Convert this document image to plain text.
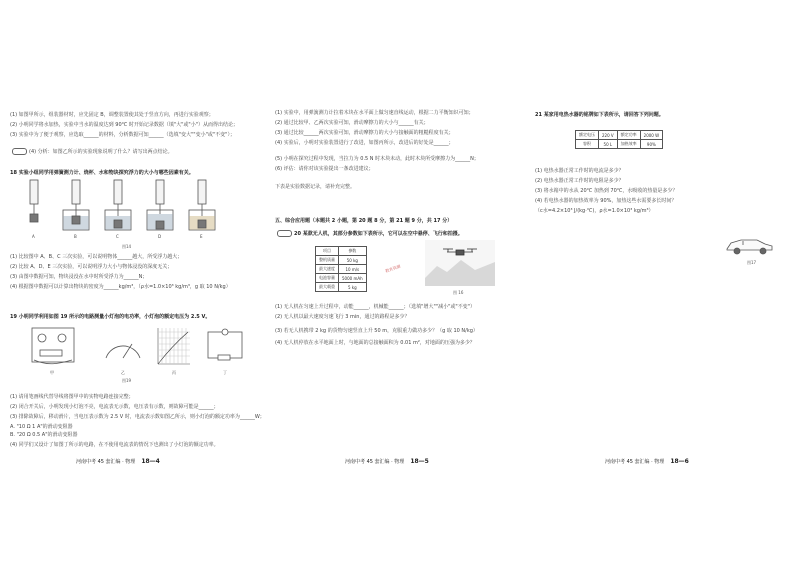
(1) 如图甲所示，组装器材时，应先固定 B，调整装置使其处于竖直方向，再进行实验观察；
(2) 小明同学将水加热，实验中当水的温度达到 90℃ 时开始记录数据（填"大"或"小"）从而得出结论；
(3) 实验中为了便于观察，应选取______的材料，分析数据可知______（选填"变大""变小"或"不变"）；
(4) 分析：如图乙所示的实验现象说明了什么？请写出两点结论。
18 实验小组同学用弹簧测力计、烧杯、水和物块探究浮力的大小与哪些因素有关。
A	B	C	D	E
图14
(1) 比较图中 A、B、C 三次实验，可以说明物体______越大，所受浮力越大；
(2) 比较 A、D、E 三次实验，可以说明浮力大小与物体浸没的深度无关；
(3) 由图中数据可知，物块浸没在水中时所受浮力为______N；
(4) 根据图中数据可以计算出物块的密度为______kg/m³，（ρ水=1.0×10³ kg/m³，g 取 10 N/kg）
19 小明同学利用如图 19 所示的电路测量小灯泡的电功率，小灯泡的额定电压为 2.5 V。
甲	乙	丙	丁
图19
(1) 请用笔画线代替导线将图甲中的实物电路连接完整；
(2) 闭合开关后，小明发现小灯泡不亮，电流表无示数，电压表有示数，则故障可能是______；
(3) 排除故障后，移动滑片，当电压表示数为 2.5 V 时，电流表示数如图乙所示，则小灯泡的额定功率为______W；
A. "10 Ω 1 A"的滑动变阻器
B. "20 Ω 0.5 A"的滑动变阻器
(4) 同学们又设计了如图丁所示的电路，在不使用电流表的情况下也测出了小灯泡的额定功率。
河南中考 45 套汇编 · 物理 18—4
(1) 实验中，用弹簧测力计拉着木块在水平面上做匀速直线运动，根据二力平衡知识可知；
(2) 通过比较甲、乙两次实验可知，滑动摩擦力的大小与______有关；
(3) 通过比较______两次实验可知，滑动摩擦力的大小与接触面的粗糙程度有关；
(4) 实验后，小明对实验装置进行了改进，如图丙所示，改进后的好处是______；
(5) 小明在探究过程中发现，当拉力为 0.5 N 时木块未动，此时木块所受摩擦力为______N；
(6) 评估：请你对该实验提出一条改进建议；
下表是实验数据记录，请补充完整。
五、综合应用题（本题共 2 小题，第 20 题 8 分，第 21 题 9 分，共 17 分）
20 某款无人机，其部分参数如下表所示，它可以在空中悬停、飞行和拍摄。
项目	参数
整机质量	50 kg
最大速度	10 m/s
电池容量	5000 mAh
最大载重	5 kg
教育资源
图 16
(1) 无人机在匀速上升过程中，动能______，机械能______；（选填"增大""减小"或"不变"）
(2) 无人机以最大速度匀速飞行 3 min，通过的路程是多少？
(3) 若无人机携带 2 kg 的货物匀速竖直上升 50 m，克服重力做功多少？（g 取 10 N/kg）
(4) 无人机停放在水平地面上时，与地面的总接触面积为 0.01 m²，对地面的压强为多少？
河南中考 45 套汇编 · 物理 18—5
21 某家用电热水器的铭牌如下表所示，请回答下列问题。
额定电压	220 V	额定功率	2000 W
容积	50 L	加热效率	90%
(1) 电热水器正常工作时的电流是多少？
(2) 电热水器正常工作时的电阻是多少？
(3) 将水箱中的水从 20℃ 加热到 70℃，水吸收的热量是多少？
(4) 若电热水器的加热效率为 90%，加热这些水需要多长时间？
（c水=4.2×10³ J/(kg·℃)，ρ水=1.0×10³ kg/m³）
图17
河南中考 45 套汇编 · 物理 18—6
